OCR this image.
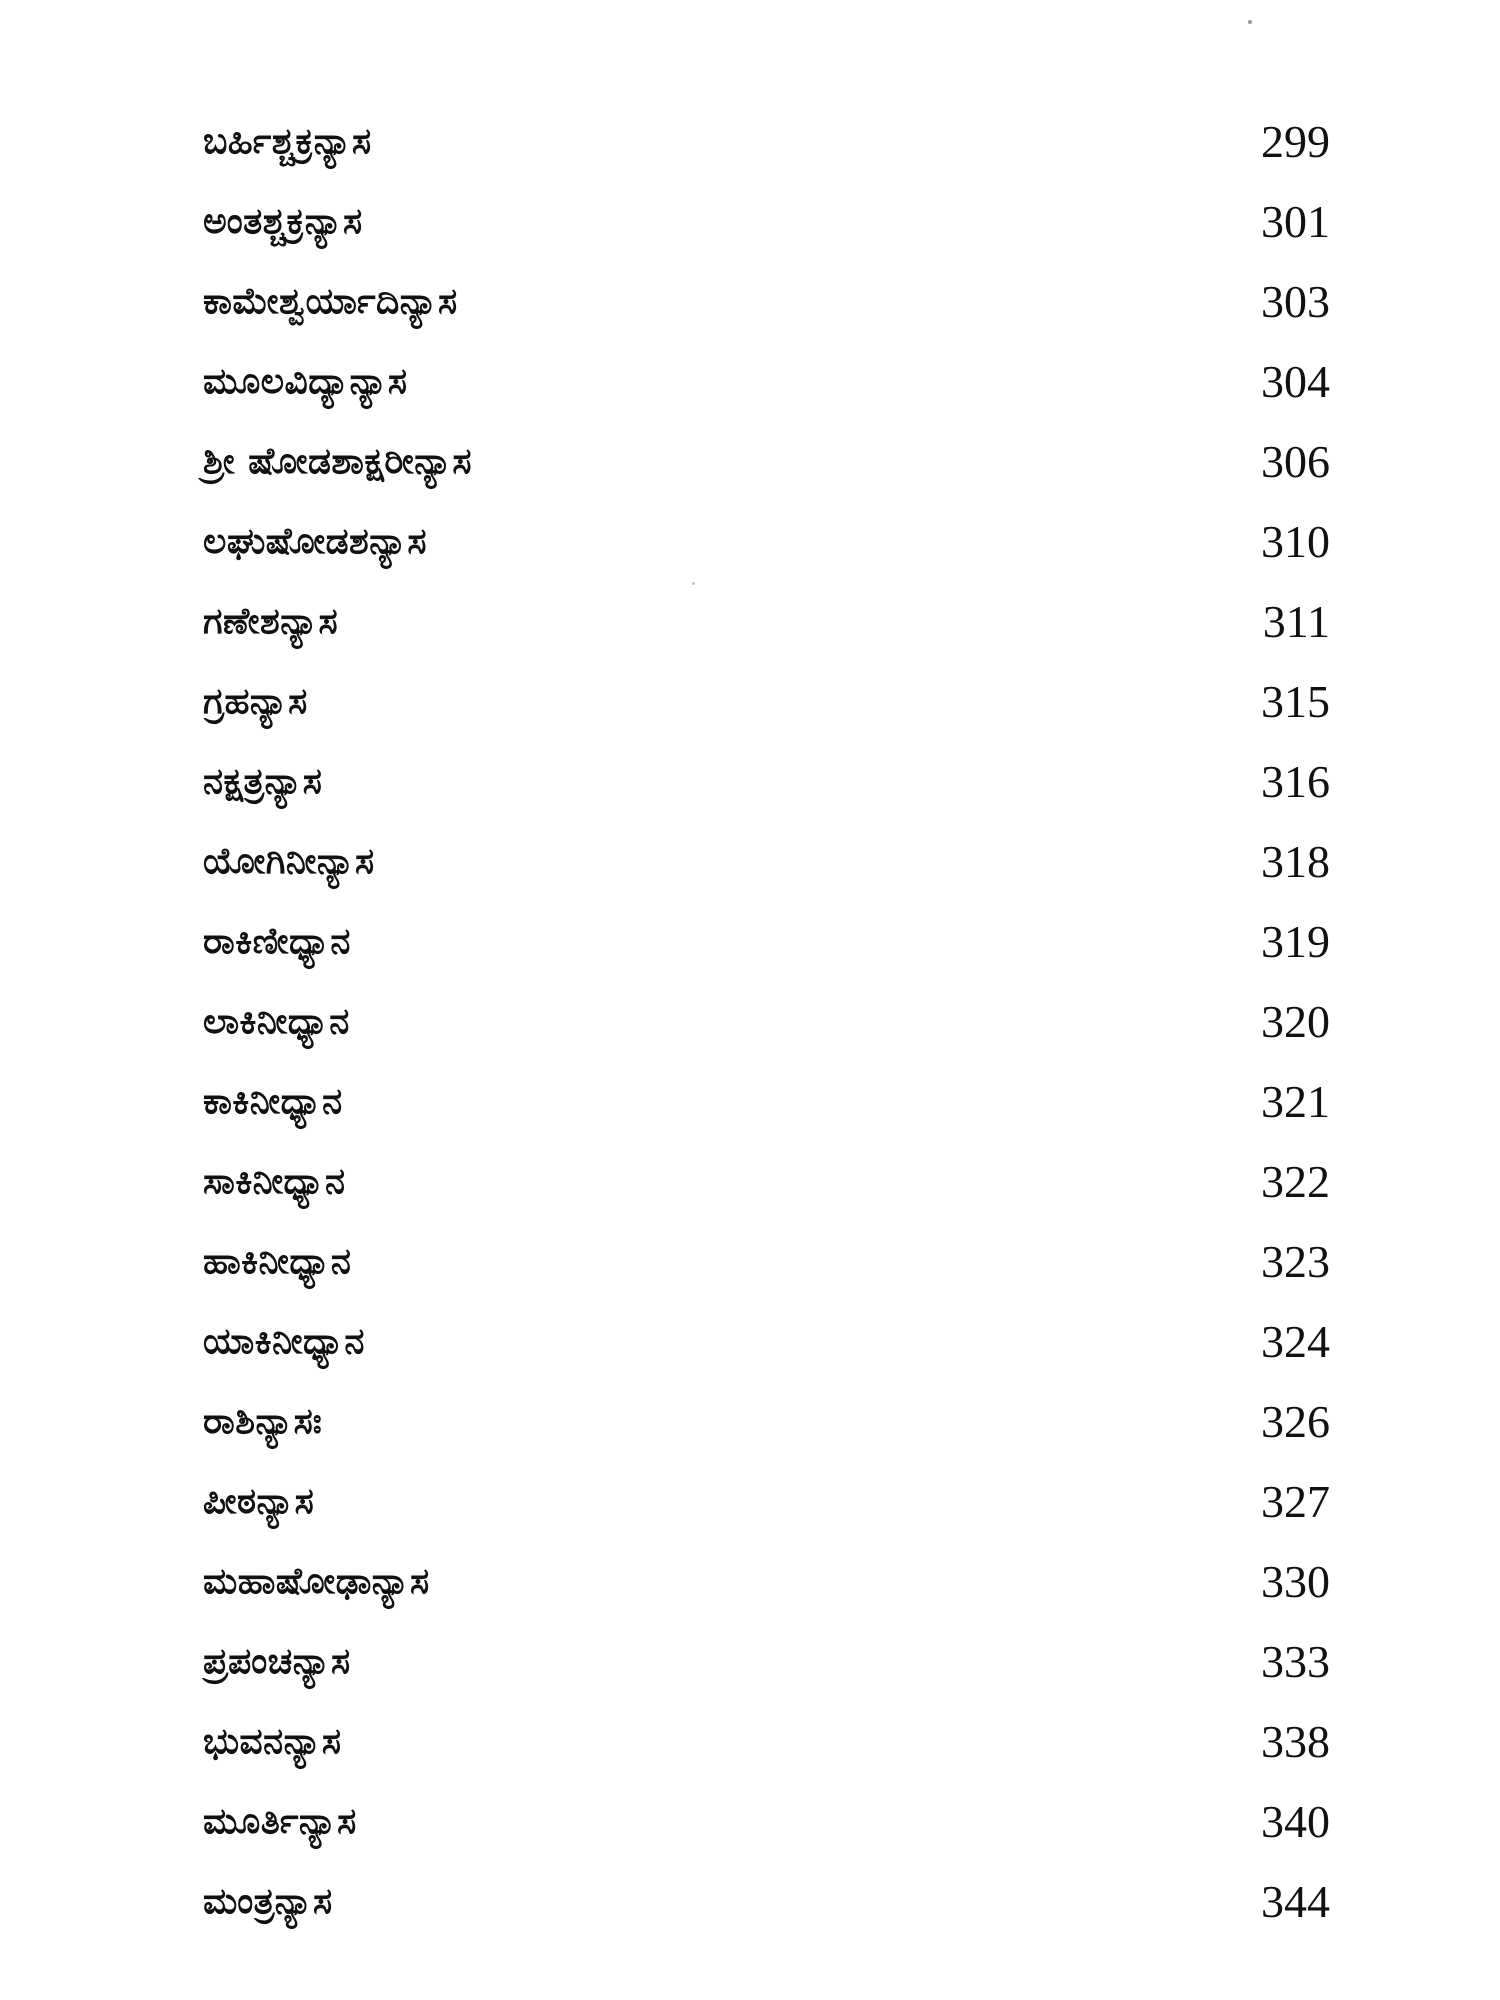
ಬರ್ಹಿಶ್ಚಕ್ರನ್ಯಾಸ	299
ಅಂತಶ್ಚಕ್ರನ್ಯಾಸ	301
ಕಾಮೇಶ್ವರ್ಯಾದಿನ್ಯಾಸ	303
ಮೂಲವಿದ್ಯಾನ್ಯಾಸ	304
ಶ್ರೀ ಷೋಡಶಾಕ್ಷರೀನ್ಯಾಸ	306
ಲಘುಷೋಡಶನ್ಯಾಸ	310
ಗಣೇಶನ್ಯಾಸ	311
ಗ್ರಹನ್ಯಾಸ	315
ನಕ್ಷತ್ರನ್ಯಾಸ	316
ಯೋಗಿನೀನ್ಯಾಸ	318
ರಾಕಿಣೀಧ್ಯಾನ	319
ಲಾಕಿನೀಧ್ಯಾನ	320
ಕಾಕಿನೀಧ್ಯಾನ	321
ಸಾಕಿನೀಧ್ಯಾನ	322
ಹಾಕಿನೀಧ್ಯಾನ	323
ಯಾಕಿನೀಧ್ಯಾನ	324
ರಾಶಿನ್ಯಾಸಃ	326
ಪೀಠನ್ಯಾಸ	327
ಮಹಾಷೋಢಾನ್ಯಾಸ	330
ಪ್ರಪಂಚನ್ಯಾಸ	333
ಭುವನನ್ಯಾಸ	338
ಮೂರ್ತಿನ್ಯಾಸ	340
ಮಂತ್ರನ್ಯಾಸ	344
